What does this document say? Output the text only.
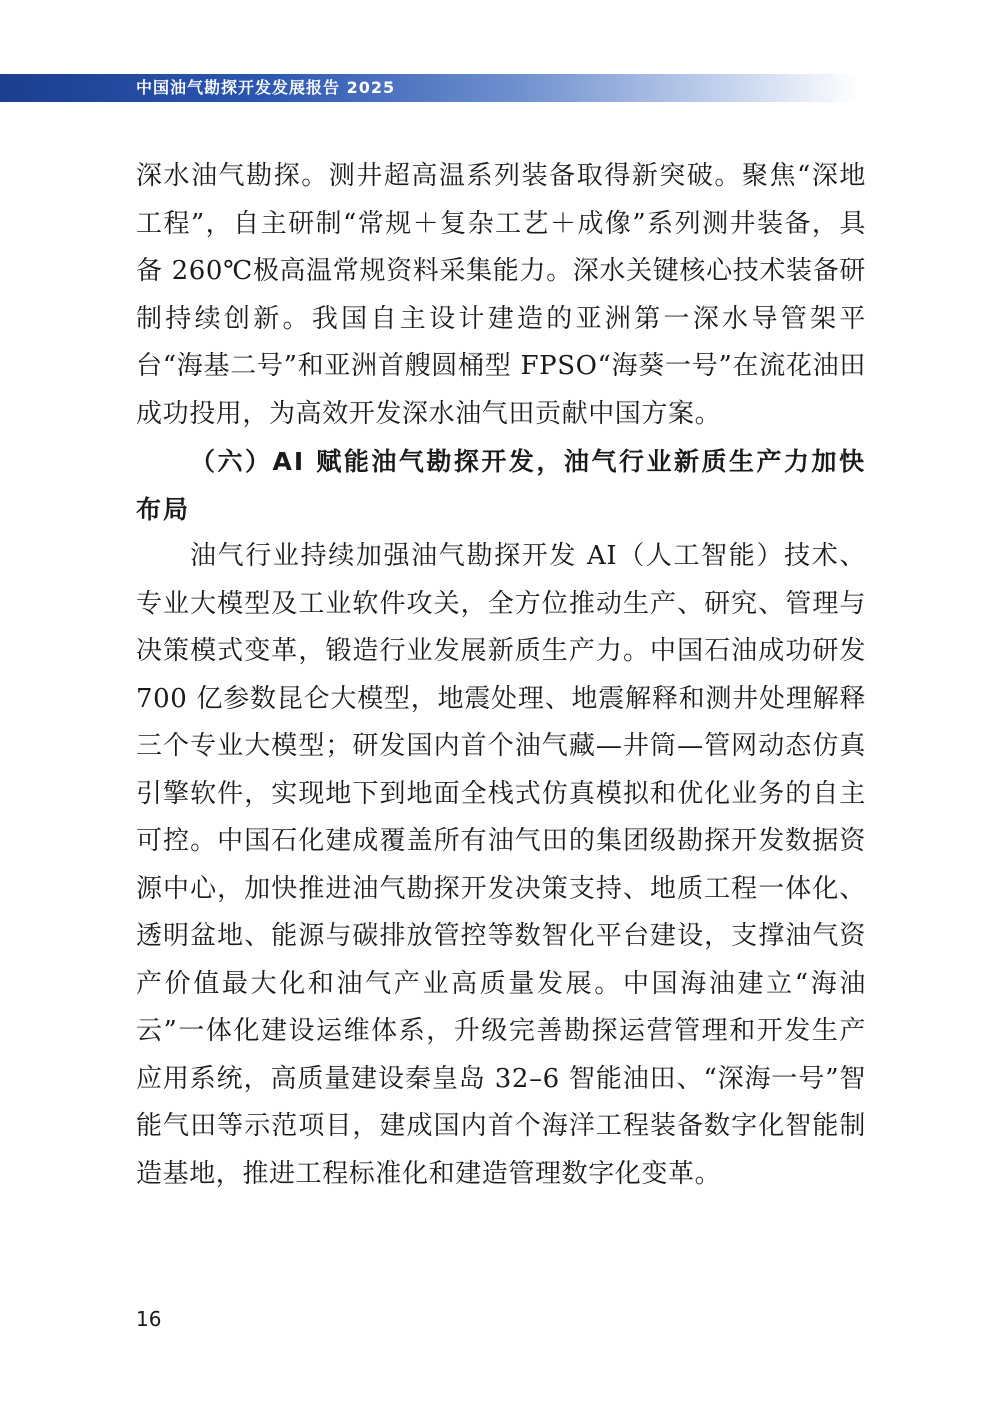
中国油气勘探开发发展报告 2025

深水油气勘探。测井超高温系列装备取得新突破。聚焦“深地工程”，自主研制“常规＋复杂工艺＋成像”系列测井装备，具备 260℃极高温常规资料采集能力。深水关键核心技术装备研制持续创新。我国自主设计建造的亚洲第一深水导管架平台“海基二号”和亚洲首艘圆桶型 FPSO“海葵一号”在流花油田成功投用，为高效开发深水油气田贡献中国方案。

（六）AI 赋能油气勘探开发，油气行业新质生产力加快布局

油气行业持续加强油气勘探开发 AI（人工智能）技术、专业大模型及工业软件攻关，全方位推动生产、研究、管理与决策模式变革，锻造行业发展新质生产力。中国石油成功研发 700 亿参数昆仑大模型，地震处理、地震解释和测井处理解释三个专业大模型；研发国内首个油气藏—井筒—管网动态仿真引擎软件，实现地下到地面全栈式仿真模拟和优化业务的自主可控。中国石化建成覆盖所有油气田的集团级勘探开发数据资源中心，加快推进油气勘探开发决策支持、地质工程一体化、透明盆地、能源与碳排放管控等数智化平台建设，支撑油气资产价值最大化和油气产业高质量发展。中国海油建立“海油云”一体化建设运维体系，升级完善勘探运营管理和开发生产应用系统，高质量建设秦皇岛 32–6 智能油田、“深海一号”智能气田等示范项目，建成国内首个海洋工程装备数字化智能制造基地，推进工程标准化和建造管理数字化变革。

16
